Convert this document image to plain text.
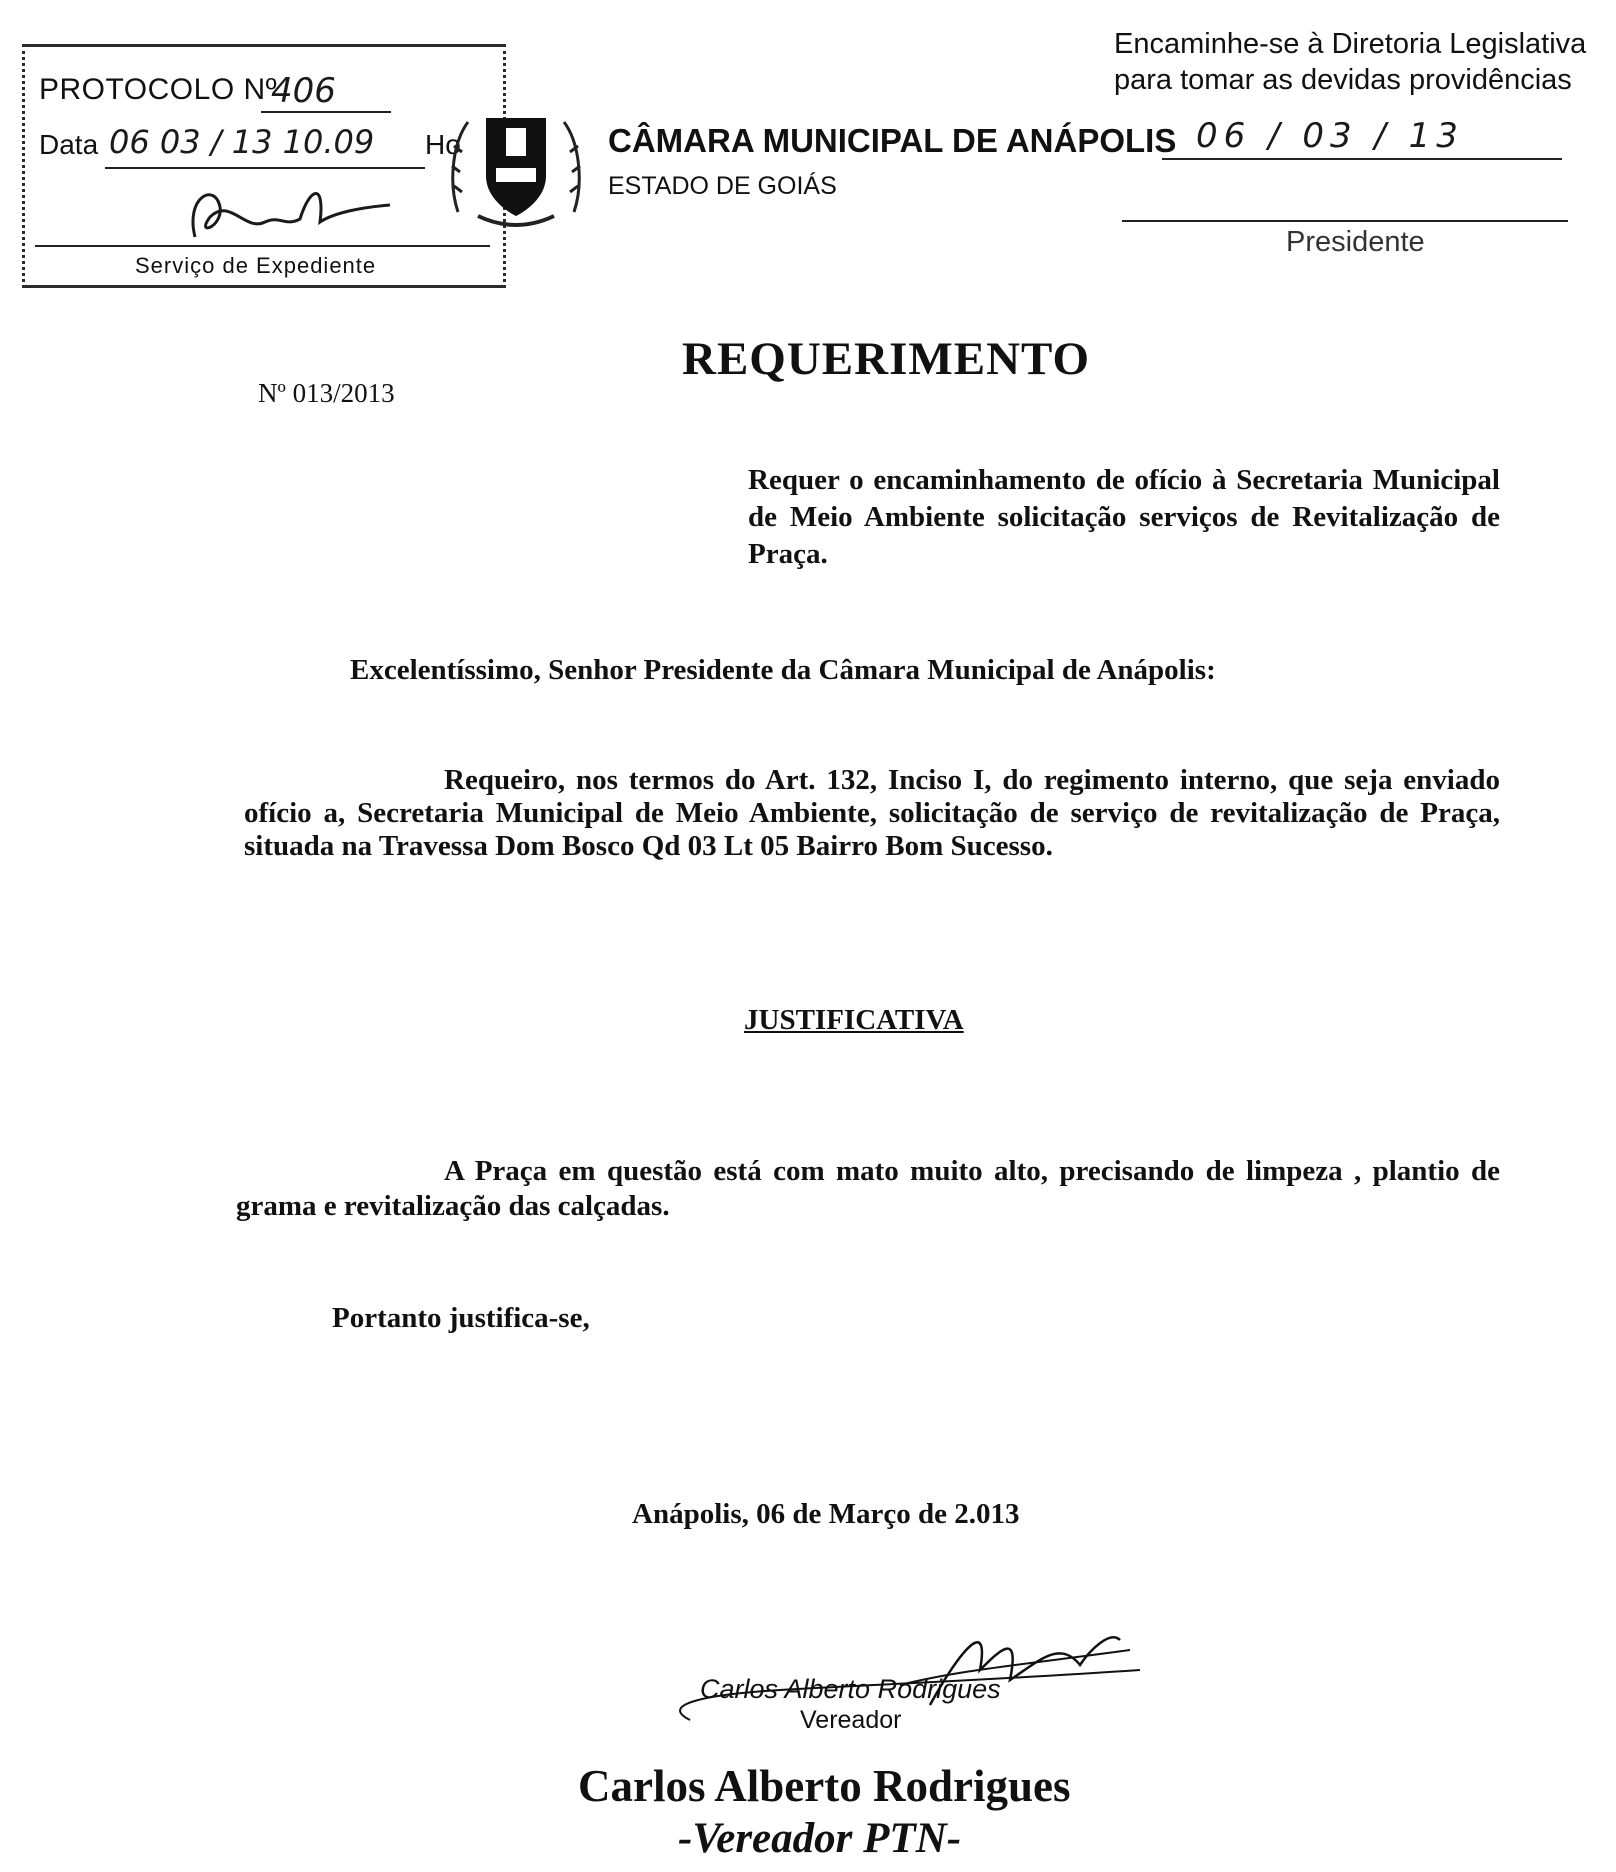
PROTOCOLO Nº
406
Data 06 03 / 13 10.09 Ho
Serviço de Expediente
CÂMARA MUNICIPAL DE ANÁPOLIS
ESTADO DE GOIÁS
Encaminhe-se à Diretoria Legislativa
para tomar as devidas providências
06 / 03 / 13
Presidente
REQUERIMENTO
Nº 013/2013
Requer o encaminhamento de ofício à Secretaria Municipal de Meio Ambiente solicitação serviços de Revitalização de Praça.
Excelentíssimo, Senhor Presidente da Câmara Municipal de Anápolis:
Requeiro, nos termos do Art. 132, Inciso I, do regimento interno, que seja enviado ofício a, Secretaria Municipal de Meio Ambiente, solicitação de serviço de revitalização de Praça, situada na Travessa Dom Bosco Qd 03 Lt 05 Bairro Bom Sucesso.
JUSTIFICATIVA
A Praça em questão está com mato muito alto, precisando de limpeza , plantio de grama e revitalização das calçadas.
Portanto justifica-se,
Anápolis, 06 de Março de 2.013
Carlos Alberto Rodrigues
Vereador
Carlos Alberto Rodrigues
-Vereador PTN-
